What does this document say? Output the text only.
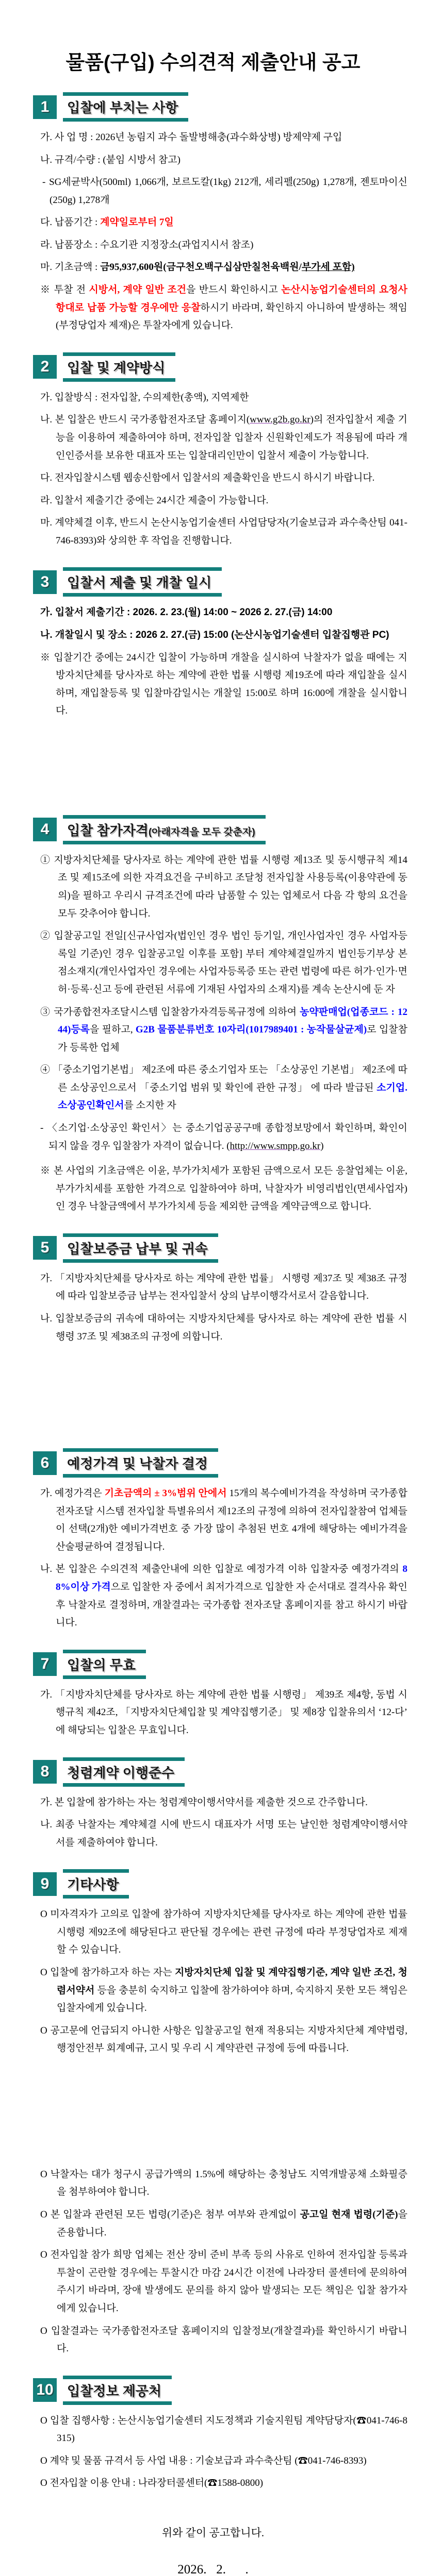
물품(구입) 수의견적 제출안내 공고
1	입찰에 부치는 사항

가. 사 업 명 : 2026년 농림지 과수 돌발병해충(과수화상병) 방제약제 구입

나. 규격/수량 : (붙임 시방서 참고)

- SG세균박사(500ml) 1,066개, 보르도칼(1kg) 212개, 세리펠(250g) 1,278개, 젠토마이신(250g) 1,278개

다. 납품기간 : 계약일로부터 7일

라. 납품장소 : 수요기관 지정장소(과업지시서 참조)

마. 기초금액 : 금95,937,600원(금구천오백구십삼만칠천육백원/부가세 포함)

※ 투찰 전 시방서, 계약 일반 조건을 반드시 확인하시고 논산시농업기술센터의 요청사항대로 납품 가능할 경우에만 응찰하시기 바라며, 확인하지 아니하여 발생하는 책임(부정당업자 제재)은 투찰자에게 있습니다.

2	입찰 및 계약방식

가. 입찰방식 : 전자입찰, 수의제한(총액), 지역제한

나. 본 입찰은 반드시 국가종합전자조달 홈페이지(www.g2b.go.kr)의 전자입찰서 제출 기능을 이용하여 제출하여야 하며, 전자입찰 입찰자 신원확인제도가 적용됨에 따라 개인인증서를 보유한 대표자 또는 입찰대리인만이 입찰서 제출이 가능합니다.

다. 전자입찰시스템 웹송신함에서 입찰서의 제출확인을 반드시 하시기 바랍니다.

라. 입찰서 제출기간 중에는 24시간 제출이 가능합니다.

마. 계약체결 이후, 반드시 논산시농업기술센터 사업담당자(기술보급과 과수축산팀 041-746-8393)와 상의한 후 작업을 진행합니다.

3	입찰서 제출 및 개찰 일시

가. 입찰서 제출기간 : 2026. 2. 23.(월) 14:00 ~ 2026 2. 27.(금) 14:00

나. 개찰일시 및 장소 : 2026 2. 27.(금) 15:00 (논산시농업기술센터 입찰집행관 PC)

※ 입찰기간 중에는 24시간 입찰이 가능하며 개찰을 실시하여 낙찰자가 없을 때에는 지방자치단체를 당사자로 하는 계약에 관한 법률 시행령 제19조에 따라 재입찰을 실시하며, 재입찰등록 및 입찰마감일시는 개찰일 15:00로 하며 16:00에 개찰을 실시합니다.

4	입찰 참가자격(아래자격을 모두 갖춘자)

① 지방자치단체를 당사자로 하는 계약에 관한 법률 시행령 제13조 및 동시행규칙 제14조 및 제15조에 의한 자격요건을 구비하고 조달청 전자입찰 사용등록(이용약관에 동의)을 필하고 우리시 규격조건에 따라 납품할 수 있는 업체로서 다음 각 항의 요건을 모두 갖추어야 합니다.

② 입찰공고일 전일[신규사업자(법인인 경우 법인 등기일, 개인사업자인 경우 사업자등록일 기준)인 경우 입찰공고일 이후를 포함] 부터 계약체결일까지 법인등기부상 본점소재지(개인사업자인 경우에는 사업자등록증 또는 관련 법령에 따른 허가·인가·면허·등록·신고 등에 관련된 서류에 기재된 사업자의 소재지)를 계속 논산시에 둔 자

③ 국가종합전자조달시스템 입찰참가자격등록규정에 의하여 농약판매업(업종코드 : 1244)등록을 필하고, G2B 물품분류번호 10자리(1017989401 : 농작물살균제)로 입찰참가 등록한 업체

④ 「중소기업기본법」 제2조에 따른 중소기업자 또는 「소상공인 기본법」 제2조에 따른 소상공인으로서 「중소기업 범위 및 확인에 관한 규정」 에 따라 발급된 소기업.소상공인확인서를 소지한 자

- 〈소기업·소상공인 확인서〉는 중소기업공공구매 종합정보망에서 확인하며, 확인이 되지 않을 경우 입찰참가 자격이 없습니다. (http://www.smpp.go.kr)

※ 본 사업의 기초금액은 이윤, 부가가치세가 포함된 금액으로서 모든 응찰업체는 이윤, 부가가치세를 포함한 가격으로 입찰하여야 하며, 낙찰자가 비영리법인(면세사업자)인 경우 낙찰금액에서 부가가치세 등을 제외한 금액을 계약금액으로 합니다.

5	입찰보증금 납부 및 귀속

가. 「지방자치단체를 당사자로 하는 계약에 관한 법률」 시행령 제37조 및 제38조 규정에 따라 입찰보증금 납부는 전자입찰서 상의 납부이행각서로서 갈음합니다.

나. 입찰보증금의 귀속에 대하여는 지방자치단체를 당사자로 하는 계약에 관한 법률 시행령 37조 및 제38조의 규정에 의합니다.

6	예정가격 및 낙찰자 결정

가. 예정가격은 기초금액의 ± 3%범위 안에서 15개의 복수예비가격을 작성하며 국가종합 전자조달 시스템 전자입찰 특별유의서 제12조의 규정에 의하여 전자입찰참여 업체들이 선택(2개)한 예비가격번호 중 가장 많이 추첨된 번호 4개에 해당하는 예비가격을 산술평균하여 결정됩니다.

나. 본 입찰은 수의견적 제출안내에 의한 입찰로 예정가격 이하 입찰자중 예정가격의 88%이상 가격으로 입찰한 자 중에서 최저가격으로 입찰한 자 순서대로 결격사유 확인 후 낙찰자로 결정하며, 개찰결과는 국가종합 전자조달 홈페이지를 참고 하시기 바랍니다.

7	입찰의 무효

가. 「지방자치단체를 당사자로 하는 계약에 관한 법률 시행령」 제39조 제4항, 동법 시행규칙 제42조, 「지방자치단체입찰 및 계약집행기준」 및 제8장 입찰유의서 ‘12-다’ 에 해당되는 입찰은 무효입니다.

8	청렴계약 이행준수

가. 본 입찰에 참가하는 자는 청렴계약이행서약서를 제출한 것으로 간주합니다.

나. 최종 낙찰자는 계약체결 시에 반드시 대표자가 서명 또는 날인한 청렴계약이행서약서를 제출하여야 합니다.

9	기타사항

O 미자격자가 고의로 입찰에 참가하여 지방자치단체를 당사자로 하는 계약에 관한 법률 시행령 제92조에 해당된다고 판단될 경우에는 관련 규정에 따라 부정당업자로 제재할 수 있습니다.

O 입찰에 참가하고자 하는 자는 지방자치단체 입찰 및 계약집행기준, 계약 일반 조건, 청렴서약서 등을 충분히 숙지하고 입찰에 참가하여야 하며, 숙지하지 못한 모든 책임은 입찰자에게 있습니다.

O 공고문에 언급되지 아니한 사항은 입찰공고일 현재 적용되는 지방자치단체 계약법령, 행정안전부 회계예규, 고시 및 우리 시 계약관련 규정에 등에 따릅니다.

O 낙찰자는 대가 청구시 공급가액의 1.5%에 해당하는 충청남도 지역개발공채 소화필증을 첨부하여야 합니다.

O 본 입찰과 관련된 모든 법령(기준)은 첨부 여부와 관계없이 공고일 현재 법령(기준)을 준용합니다.

O 전자입찰 참가 희망 업체는 전산 장비 준비 부족 등의 사유로 인하여 전자입찰 등록과 투찰이 곤란할 경우에는 투찰시간 마감 24시간 이전에 나라장터 콜센터에 문의하여 주시기 바라며, 장애 발생에도 문의를 하지 않아 발생되는 모든 책임은 입찰 참가자에게 있습니다.

O 입찰결과는 국가종합전자조달 홈페이지의 입찰정보(개찰결과)를 확인하시기 바랍니다.

10	입찰정보 제공처

O 입찰 집행사항 : 논산시농업기술센터 지도정책과 기술지원팀 계약담당자(☎041-746-8315)

O 계약 및 물품 규격서 등 사업 내용 : 기술보급과 과수축산팀 (☎041-746-8393)

O 전자입찰 이용 안내 : 나라장터콜센터(☎1588-0800)

위와 같이 공고합니다.

2026.   2.      .
